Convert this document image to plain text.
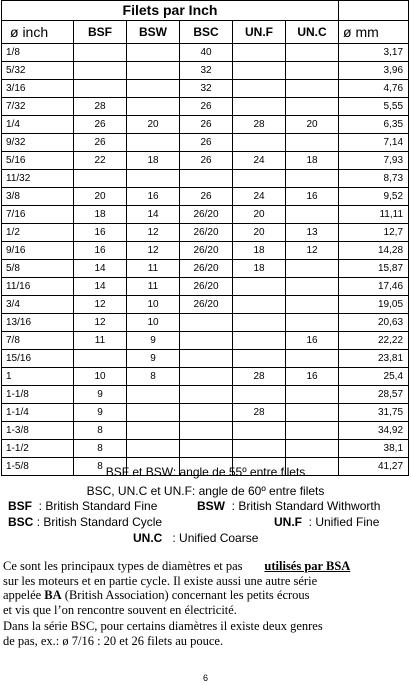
Filets par Inch						
ø inch	BSF	BSW	BSC	UN.F	UN.C	ø mm
1/8			40			3,17
5/32			32			3,96
3/16			32			4,76
7/32	28		26			5,55
1/4	26	20	26	28	20	6,35
9/32	26		26			7,14
5/16	22	18	26	24	18	7,93
11/32						8,73
3/8	20	16	26	24	16	9,52
7/16	18	14	26/20	20		11,11
1/2	16	12	26/20	20	13	12,7
9/16	16	12	26/20	18	12	14,28
5/8	14	11	26/20	18		15,87
11/16	14	11	26/20			17,46
3/4	12	10	26/20			19,05
13/16	12	10				20,63
7/8	11	9			16	22,22
15/16		9				23,81
1	10	8		28	16	25,4
1-1/8	9					28,57
1-1/4	9			28		31,75
1-3/8	8					34,92
1-1/2	8					38,1
1-5/8	8					41,27
BSF et BSW: angle de 55º entre filets
BSC, UN.C et UN.F: angle de 60º entre filets
BSF : British Standard Fine	BSW : British Standard Withworth
BSC : British Standard Cycle	UN.F : Unified Fine
UN.C : Unified Coarse
Ce sont les principaux types de diamètres et pas utilisés par BSA
sur les moteurs et en partie cycle. Il existe aussi une autre série
appelée BA (British Association) concernant les petits écrous
et vis que l’on rencontre souvent en électricité.
Dans la série BSC, pour certains diamètres il existe deux genres
de pas, ex.: ø 7/16 : 20 et 26 filets au pouce.
6
